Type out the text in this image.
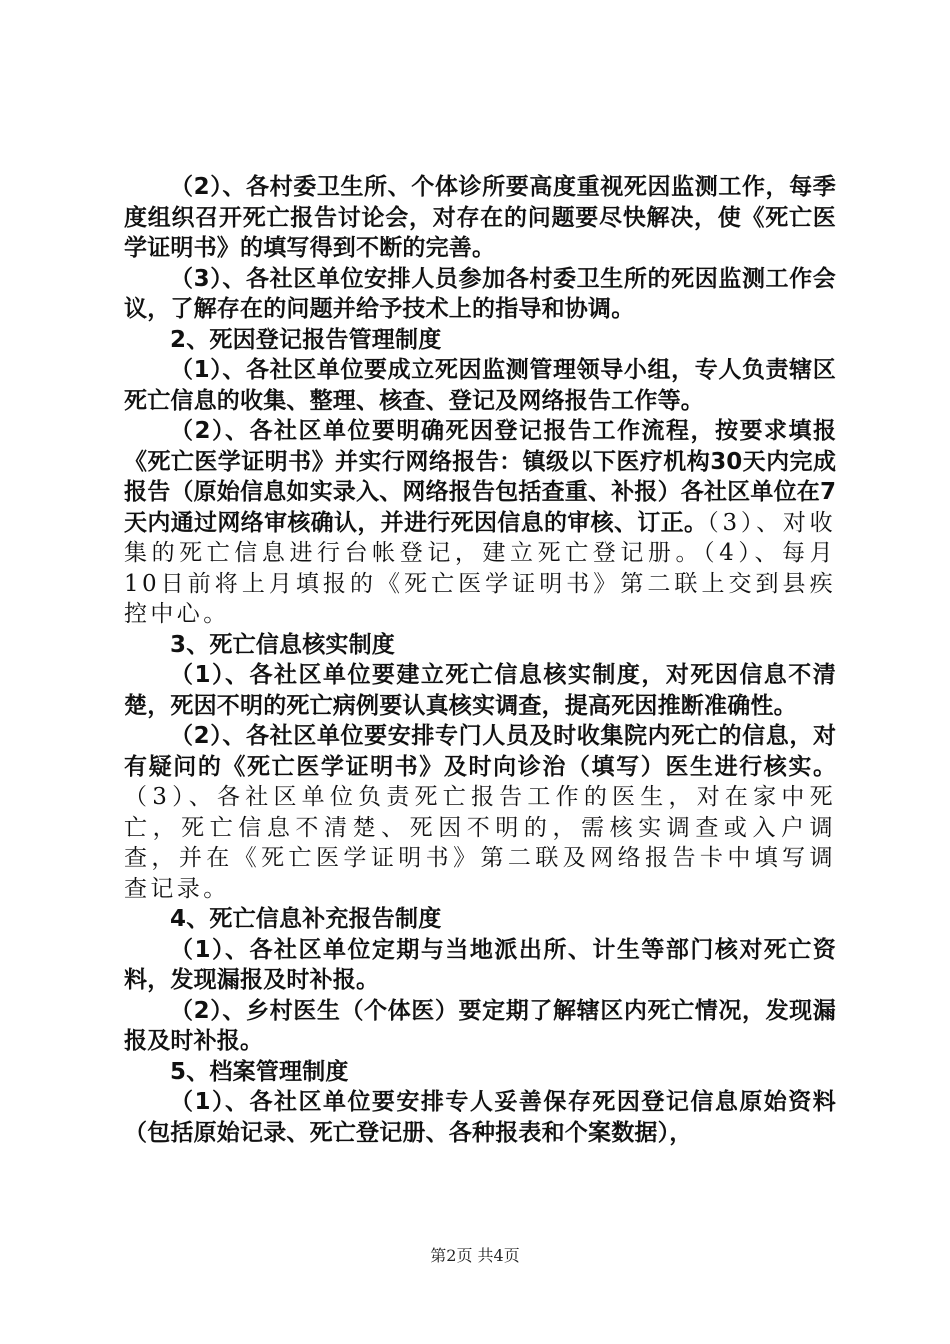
（2）、各村委卫生所、个体诊所要高度重视死因监测工作，每季度组织召开死亡报告讨论会，对存在的问题要尽快解决，使《死亡医学证明书》的填写得到不断的完善。

（3）、各社区单位安排人员参加各村委卫生所的死因监测工作会议，了解存在的问题并给予技术上的指导和协调。

2、死因登记报告管理制度

（1）、各社区单位要成立死因监测管理领导小组，专人负责辖区死亡信息的收集、整理、核查、登记及网络报告工作等。

（2）、各社区单位要明确死因登记报告工作流程，按要求填报《死亡医学证明书》并实行网络报告：镇级以下医疗机构30天内完成报告（原始信息如实录入、网络报告包括查重、补报）各社区单位在7天内通过网络审核确认，并进行死因信息的审核、订正。（3）、对收集的死亡信息进行台帐登记，建立死亡登记册。（4）、每月10日前将上月填报的《死亡医学证明书》第二联上交到县疾控中心。

3、死亡信息核实制度

（1）、各社区单位要建立死亡信息核实制度，对死因信息不清楚，死因不明的死亡病例要认真核实调查，提高死因推断准确性。

（2）、各社区单位要安排专门人员及时收集院内死亡的信息，对有疑问的《死亡医学证明书》及时向诊治（填写）医生进行核实。（3）、各社区单位负责死亡报告工作的医生，对在家中死亡，死亡信息不清楚、死因不明的，需核实调查或入户调查，并在《死亡医学证明书》第二联及网络报告卡中填写调查记录。

4、死亡信息补充报告制度

（1）、各社区单位定期与当地派出所、计生等部门核对死亡资料，发现漏报及时补报。

（2）、乡村医生（个体医）要定期了解辖区内死亡情况，发现漏报及时补报。

5、档案管理制度

（1）、各社区单位要安排专人妥善保存死因登记信息原始资料（包括原始记录、死亡登记册、各种报表和个案数据），

第2页 共4页
